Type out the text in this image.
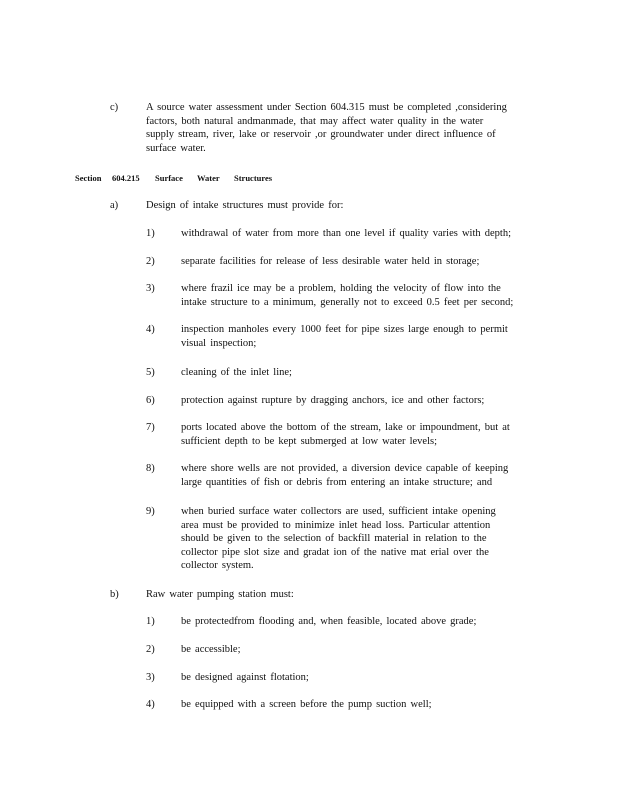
c)	A source water assessment under Section 604.315 must be completed ,considering
factors, both natural andmanmade, that may affect water quality in the water
supply stream, river, lake or reservoir ,or groundwater under direct influence of
surface water.
Section 604.215 Surface Water Structures
a)	Design of intake structures must provide for:
1)	withdrawal of water from more than one level if quality varies with depth;
2)	separate facilities for release of less desirable water held in storage;
3)	where frazil ice may be a problem, holding the velocity of flow into the
intake structure to a minimum, generally not to exceed 0.5 feet per second;
4)	inspection manholes every 1000 feet for pipe sizes large enough to permit
visual inspection;
5)	cleaning of the inlet line;
6)	protection against rupture by dragging anchors, ice and other factors;
7)	ports located above the bottom of the stream, lake or impoundment, but at
sufficient depth to be kept submerged at low water levels;
8)	where shore wells are not provided, a diversion device capable of keeping
large quantities of fish or debris from entering an intake structure; and
9)	when buried surface water collectors are used, sufficient intake opening
area must be provided to minimize inlet head loss. Particular attention
should be given to the selection of backfill material in relation to the
collector pipe slot size and gradat ion of the native mat erial over the
collector system.
b)	Raw water pumping station must:
1)	be protectedfrom flooding and, when feasible, located above grade;
2)	be accessible;
3)	be designed against flotation;
4)	be equipped with a screen before the pump suction well;
